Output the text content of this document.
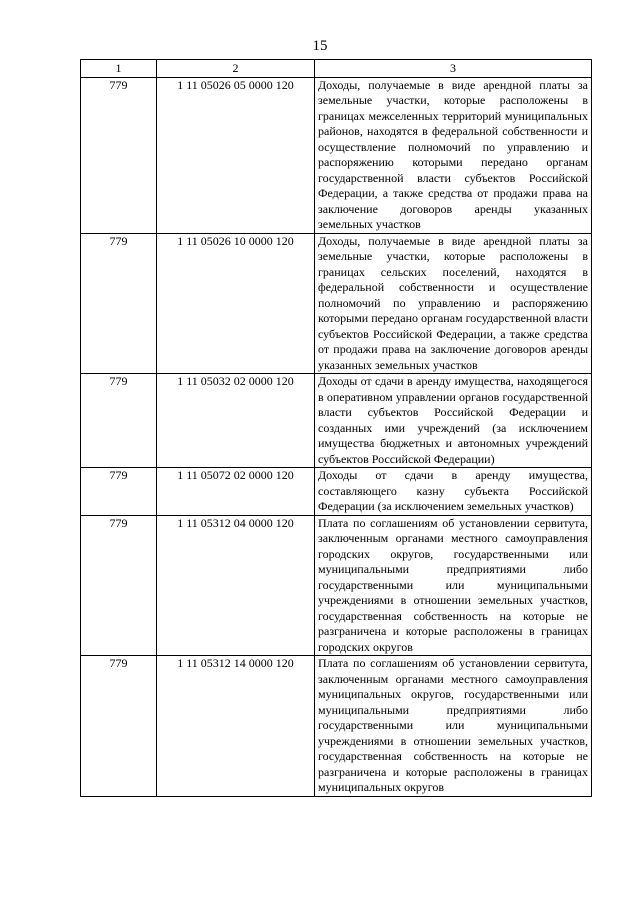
15
1	2	3
779	1 11 05026 05 0000 120	Доходы, получаемые в виде арендной платы за земельные участки, которые расположены в границах межселенных территорий муниципальных районов, находятся в федеральной собственности и осуществление полномочий по управлению и распоряжению которыми передано органам государственной власти субъектов Российской Федерации, а также средства от продажи права на заключение договоров аренды указанных земельных участков
779	1 11 05026 10 0000 120	Доходы, получаемые в виде арендной платы за земельные участки, которые расположены в границах сельских поселений, находятся в федеральной собственности и осуществление полномочий по управлению и распоряжению которыми передано органам государственной власти субъектов Российской Федерации, а также средства от продажи права на заключение договоров аренды указанных земельных участков
779	1 11 05032 02 0000 120	Доходы от сдачи в аренду имущества, находящегося в оперативном управлении органов государственной власти субъектов Российской Федерации и созданных ими учреждений (за исключением имущества бюджетных и автономных учреждений субъектов Российской Федерации)
779	1 11 05072 02 0000 120	Доходы от сдачи в аренду имущества, составляющего казну субъекта Российской Федерации (за исключением земельных участков)
779	1 11 05312 04 0000 120	Плата по соглашениям об установлении сервитута, заключенным органами местного самоуправления городских округов, государственными или муниципальными предприятиями либо государственными или муниципальными учреждениями в отношении земельных участков, государственная собственность на которые не разграничена и которые расположены в границах городских округов
779	1 11 05312 14 0000 120	Плата по соглашениям об установлении сервитута, заключенным органами местного самоуправления муниципальных округов, государственными или муниципальными предприятиями либо государственными или муниципальными учреждениями в отношении земельных участков, государственная собственность на которые не разграничена и которые расположены в границах муниципальных округов
